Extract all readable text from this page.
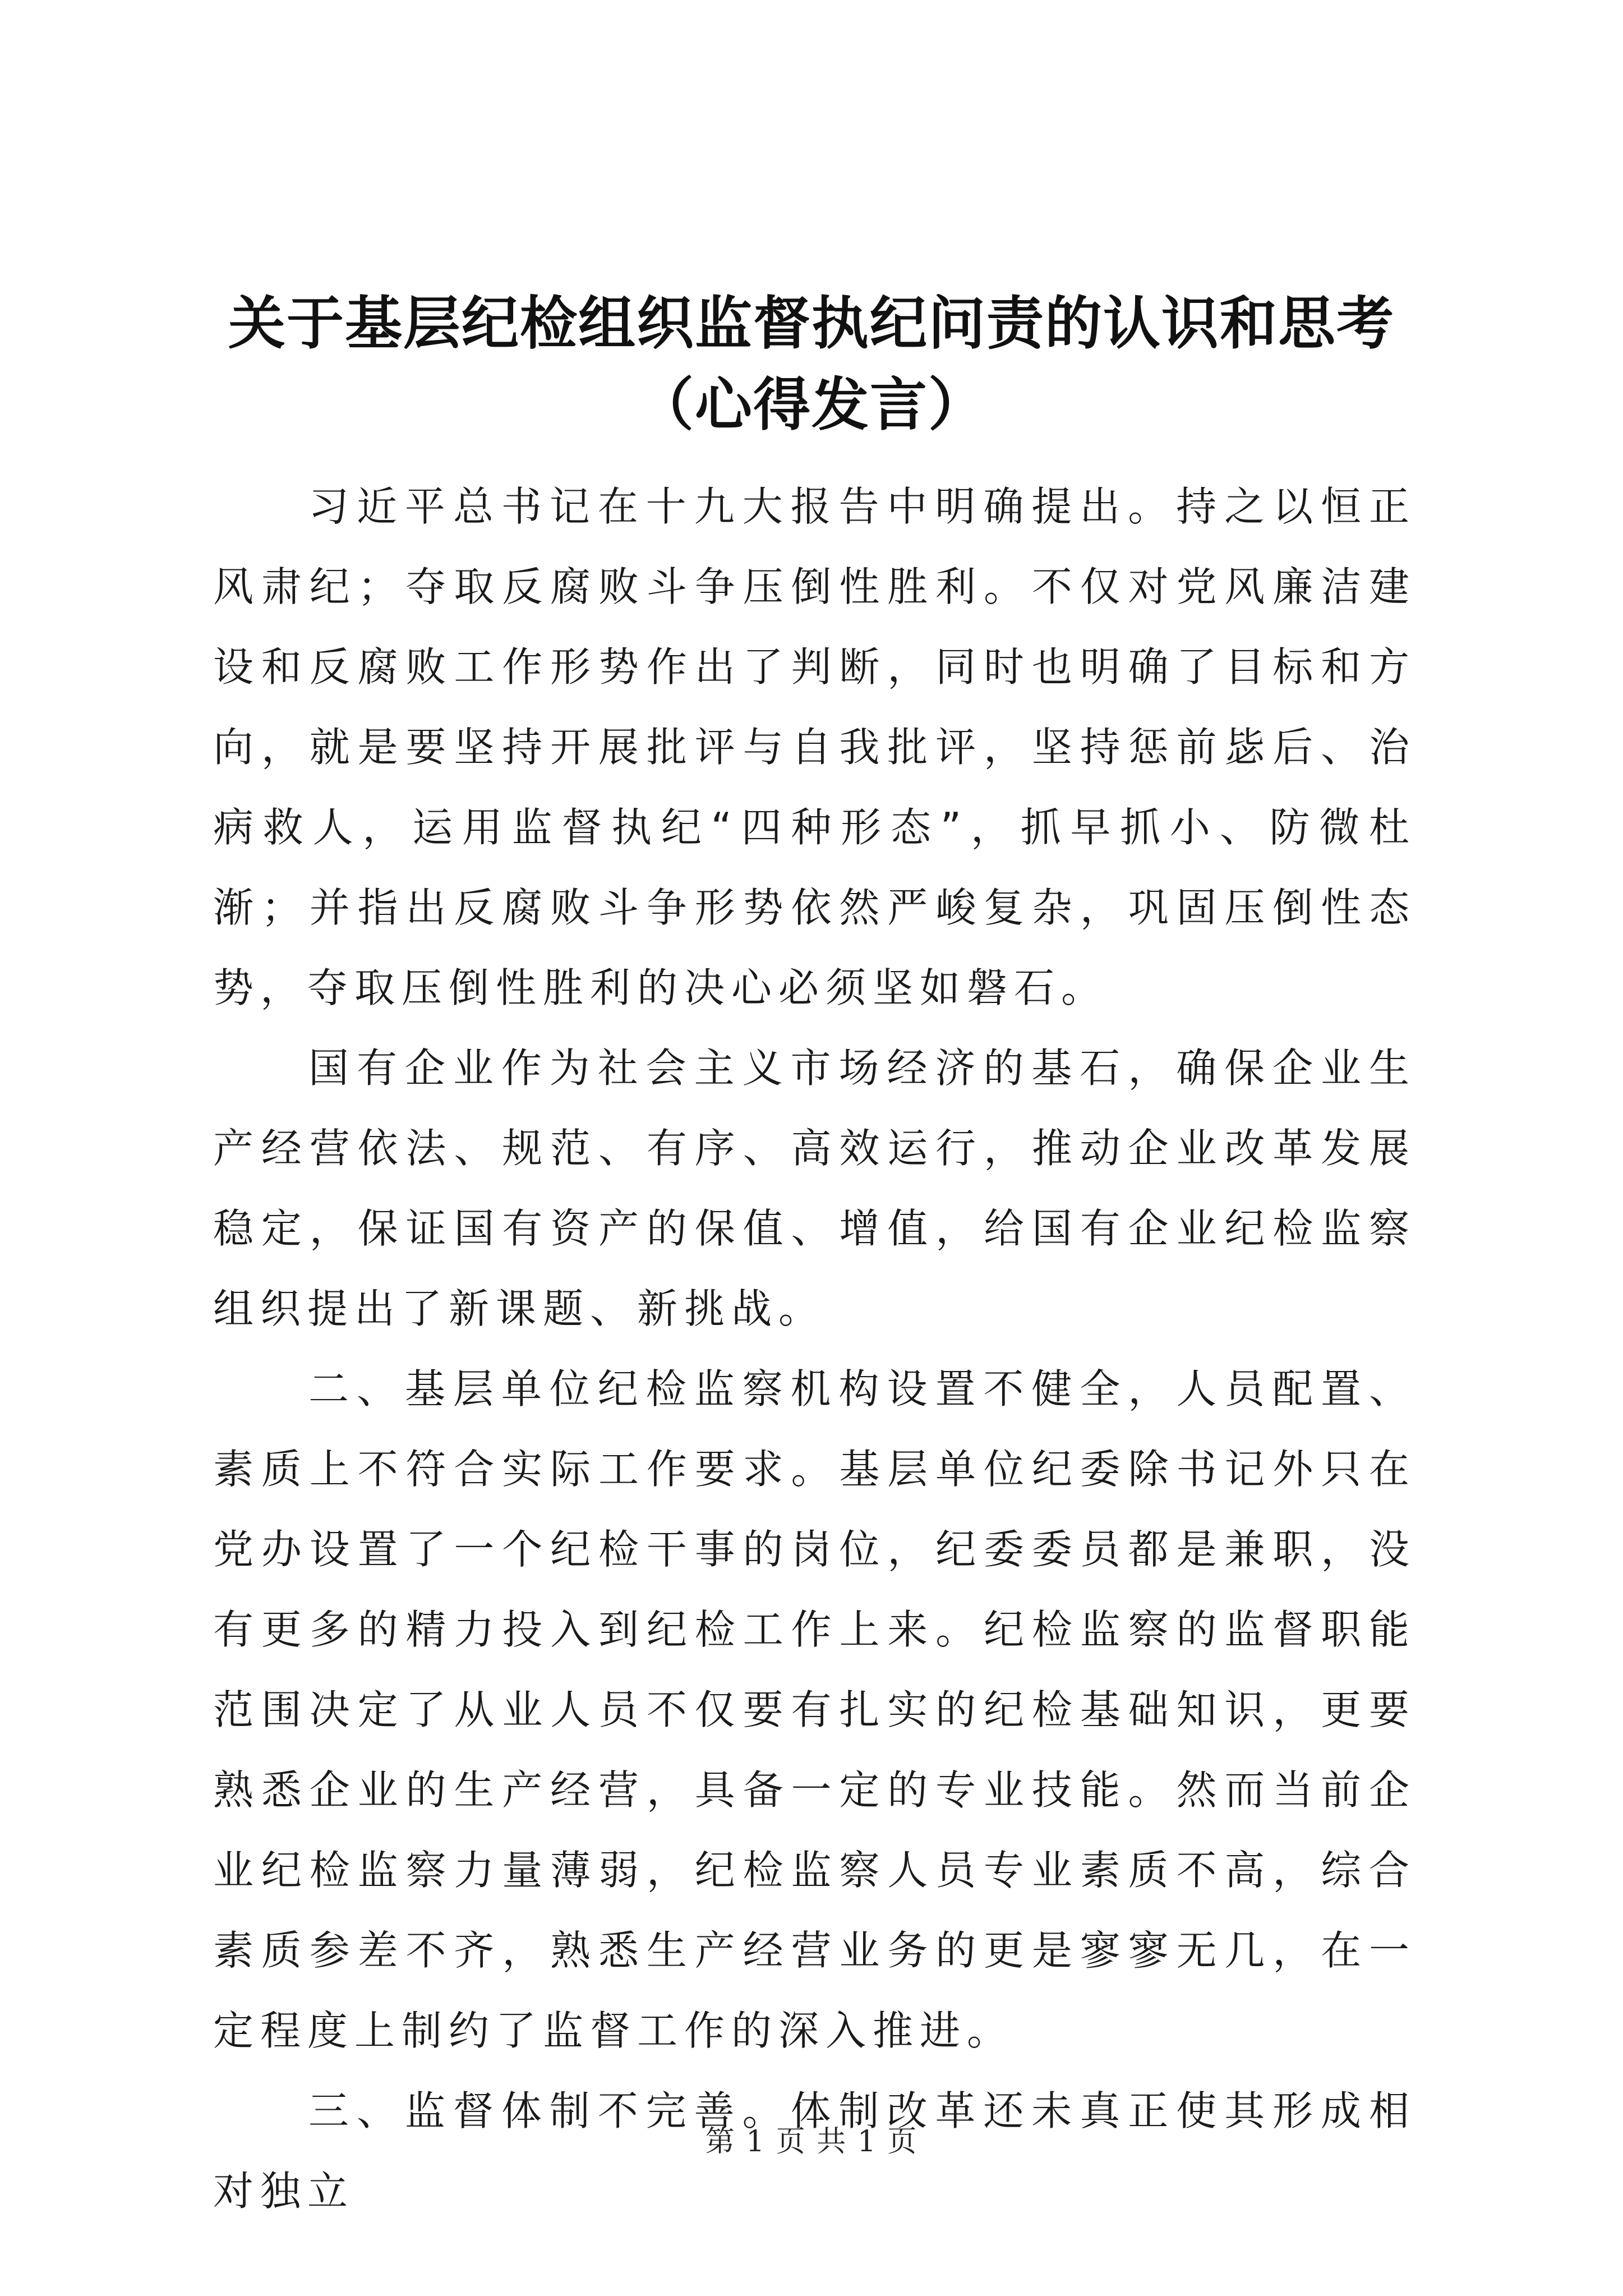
关于基层纪检组织监督执纪问责的认识和思考
（心得发言）

习近平总书记在十九大报告中明确提出。持之以恒正风肃纪；夺取反腐败斗争压倒性胜利。不仅对党风廉洁建设和反腐败工作形势作出了判断，同时也明确了目标和方向，就是要坚持开展批评与自我批评，坚持惩前毖后、治病救人，运用监督执纪“四种形态”，抓早抓小、防微杜渐；并指出反腐败斗争形势依然严峻复杂，巩固压倒性态势，夺取压倒性胜利的决心必须坚如磐石。

国有企业作为社会主义市场经济的基石，确保企业生产经营依法、规范、有序、高效运行，推动企业改革发展稳定，保证国有资产的保值、增值，给国有企业纪检监察组织提出了新课题、新挑战。

二、基层单位纪检监察机构设置不健全，人员配置、素质上不符合实际工作要求。基层单位纪委除书记外只在党办设置了一个纪检干事的岗位，纪委委员都是兼职，没有更多的精力投入到纪检工作上来。纪检监察的监督职能范围决定了从业人员不仅要有扎实的纪检基础知识，更要熟悉企业的生产经营，具备一定的专业技能。然而当前企业纪检监察力量薄弱，纪检监察人员专业素质不高，综合素质参差不齐，熟悉生产经营业务的更是寥寥无几，在一定程度上制约了监督工作的深入推进。

三、监督体制不完善。体制改革还未真正使其形成相对独立

第 1 页 共 1 页
